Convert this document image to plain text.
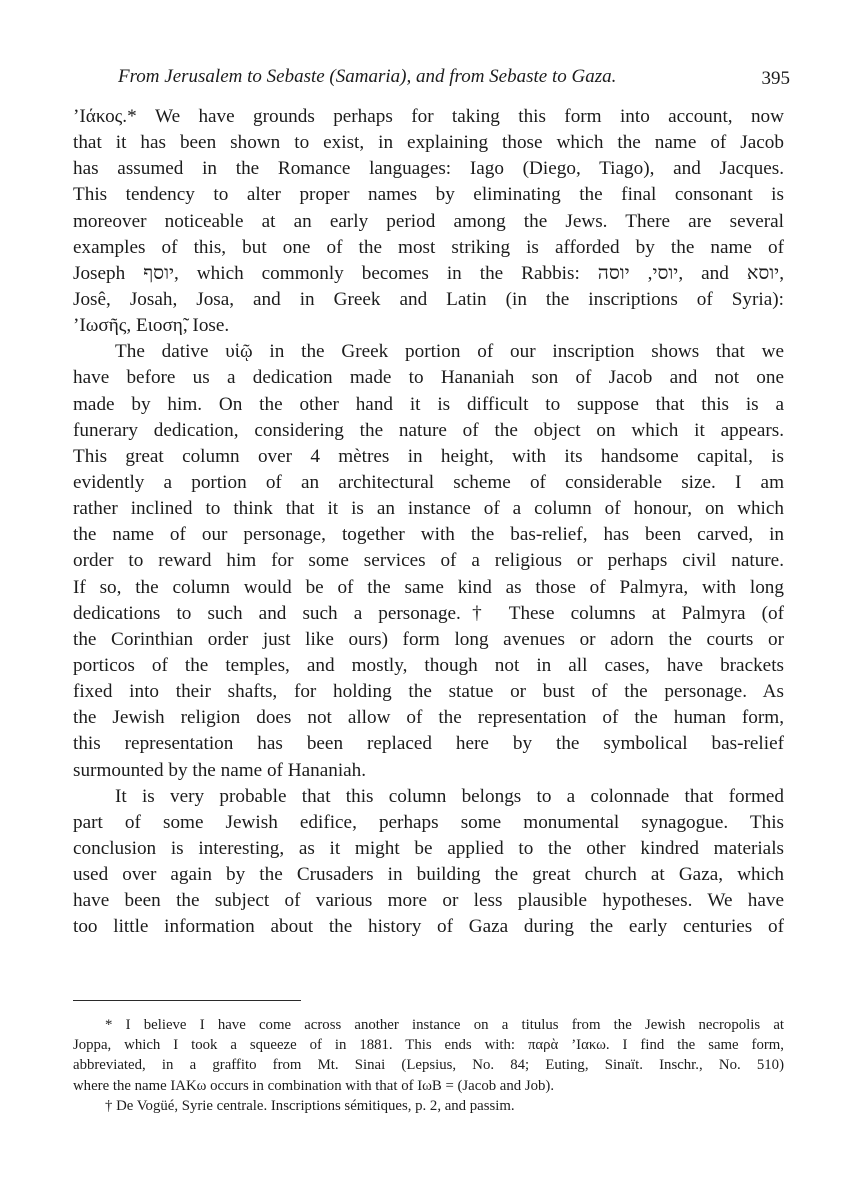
From Jerusalem to Sebaste (Samaria), and from Sebaste to Gaza.	395
’Iάκος.* We have grounds perhaps for taking this form into account, now
that it has been shown to exist, in explaining those which the name of Jacob
has assumed in the Romance languages: Iago (Diego, Tiago), and Jacques.
This tendency to alter proper names by eliminating the final consonant is
moreover noticeable at an early period among the Jews. There are several
examples of this, but one of the most striking is afforded by the name of
Joseph יוסף, which commonly becomes in the Rabbis: יוסי, יוסה, and יוסא,
Josê, Josah, Josa, and in Greek and Latin (in the inscriptions of Syria):
’Ιωσῆς, Ειοση̃, Iose.
The dative υἱῷ in the Greek portion of our inscription shows that we
have before us a dedication made to Hananiah son of Jacob and not one
made by him. On the other hand it is difficult to suppose that this is a
funerary dedication, considering the nature of the object on which it appears.
This great column over 4 mètres in height, with its handsome capital, is
evidently a portion of an architectural scheme of considerable size. I am
rather inclined to think that it is an instance of a column of honour, on which
the name of our personage, together with the bas-relief, has been carved, in
order to reward him for some services of a religious or perhaps civil nature.
If so, the column would be of the same kind as those of Palmyra, with long
dedications to such and such a personage.† These columns at Palmyra (of
the Corinthian order just like ours) form long avenues or adorn the courts or
porticos of the temples, and mostly, though not in all cases, have brackets
fixed into their shafts, for holding the statue or bust of the personage. As
the Jewish religion does not allow of the representation of the human form,
this representation has been replaced here by the symbolical bas-relief
surmounted by the name of Hananiah.
It is very probable that this column belongs to a colonnade that formed
part of some Jewish edifice, perhaps some monumental synagogue. This
conclusion is interesting, as it might be applied to the other kindred materials
used over again by the Crusaders in building the great church at Gaza, which
have been the subject of various more or less plausible hypotheses. We have
too little information about the history of Gaza during the early centuries of
* I believe I have come across another instance on a titulus from the Jewish necropolis at
Joppa, which I took a squeeze of in 1881. This ends with: παρὰ ’Ιακω. I find the same form,
abbreviated, in a graffito from Mt. Sinai (Lepsius, No. 84; Euting, Sinaït. Inschr., No. 510)
where the name IAKω occurs in combination with that of IωB = (Jacob and Job).
† De Vogüé, Syrie centrale. Inscriptions sémitiques, p. 2, and passim.
